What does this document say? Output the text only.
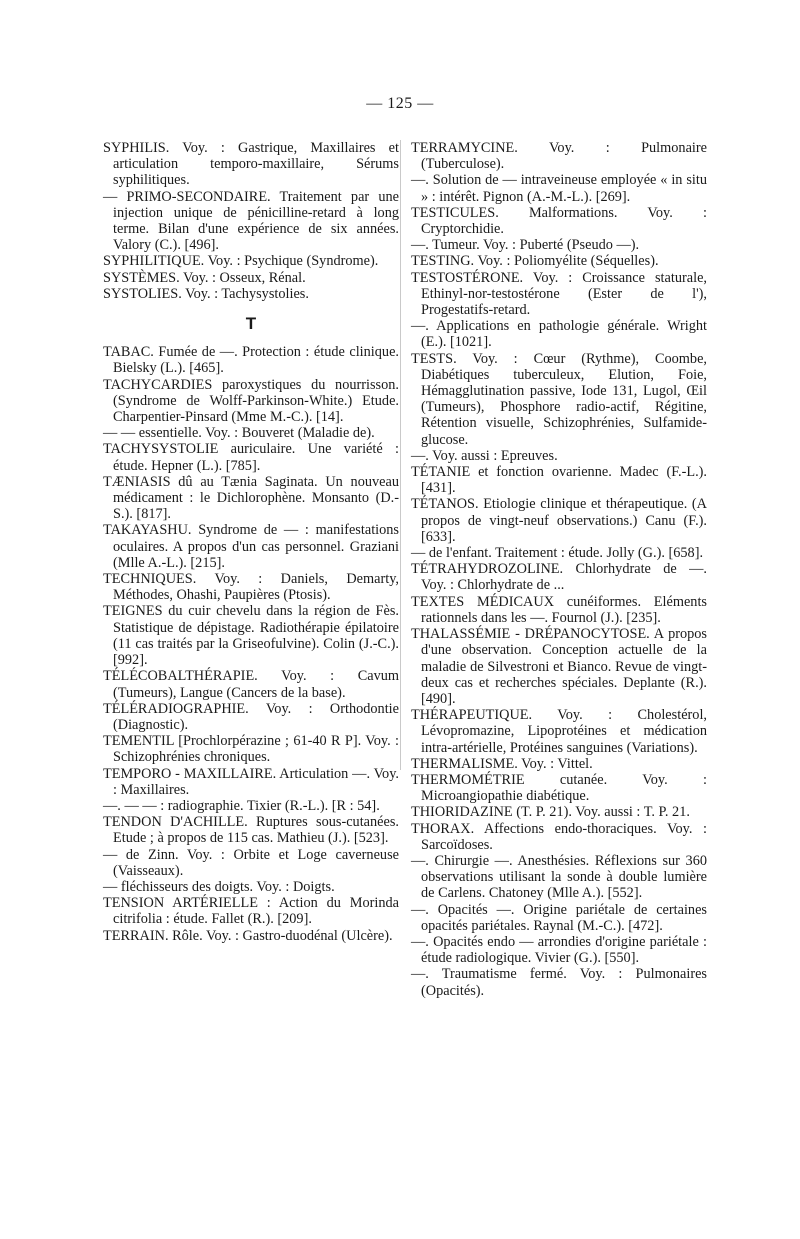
— 125 —

SYPHILIS. Voy. : Gastrique, Maxillaires et articulation temporo-maxillaire, Sérums syphilitiques.

— PRIMO-SECONDAIRE. Traitement par une injection unique de pénicilline-retard à long terme. Bilan d'une expérience de six années. Valory (C.). [496].

SYPHILITIQUE. Voy. : Psychique (Syndrome).

SYSTÈMES. Voy. : Osseux, Rénal.

SYSTOLIES. Voy. : Tachysystolies.

T

TABAC. Fumée de —. Protection : étude clinique. Bielsky (L.). [465].

TACHYCARDIES paroxystiques du nourrisson. (Syndrome de Wolff-Parkinson-White.) Etude. Charpentier-Pinsard (Mme M.-C.). [14].

— — essentielle. Voy. : Bouveret (Maladie de).

TACHYSYSTOLIE auriculaire. Une variété : étude. Hepner (L.). [785].

TÆNIASIS dû au Tænia Saginata. Un nouveau médicament : le Dichlorophène. Monsanto (D.-S.). [817].

TAKAYASHU. Syndrome de — : manifestations oculaires. A propos d'un cas personnel. Graziani (Mlle A.-L.). [215].

TECHNIQUES. Voy. : Daniels, Demarty, Méthodes, Ohashi, Paupières (Ptosis).

TEIGNES du cuir chevelu dans la région de Fès. Statistique de dépistage. Radiothérapie épilatoire (11 cas traités par la Griseofulvine). Colin (J.-C.). [992].

TÉLÉCOBALTHÉRAPIE. Voy. : Cavum (Tumeurs), Langue (Cancers de la base).

TÉLÉRADIOGRAPHIE. Voy. : Orthodontie (Diagnostic).

TEMENTIL [Prochlorpérazine ; 61-40 R P]. Voy. : Schizophrénies chroniques.

TEMPORO - MAXILLAIRE. Articulation —. Voy. : Maxillaires.

—. — — : radiographie. Tixier (R.-L.). [R : 54].

TENDON D'ACHILLE. Ruptures sous-cutanées. Etude ; à propos de 115 cas. Mathieu (J.). [523].

— de Zinn. Voy. : Orbite et Loge caverneuse (Vaisseaux).

— fléchisseurs des doigts. Voy. : Doigts.

TENSION ARTÉRIELLE : Action du Morinda citrifolia : étude. Fallet (R.). [209].

TERRAIN. Rôle. Voy. : Gastro-duodénal (Ulcère).

TERRAMYCINE. Voy. : Pulmonaire (Tuberculose).

—. Solution de — intraveineuse employée « in situ » : intérêt. Pignon (A.-M.-L.). [269].

TESTICULES. Malformations. Voy. : Cryptorchidie.

—. Tumeur. Voy. : Puberté (Pseudo —).

TESTING. Voy. : Poliomyélite (Séquelles).

TESTOSTÉRONE. Voy. : Croissance staturale, Ethinyl-nor-testostérone (Ester de l'), Progestatifs-retard.

—. Applications en pathologie générale. Wright (E.). [1021].

TESTS. Voy. : Cœur (Rythme), Coombe, Diabétiques tuberculeux, Elution, Foie, Hémagglutination passive, Iode 131, Lugol, Œil (Tumeurs), Phosphore radio-actif, Régitine, Rétention visuelle, Schizophrénies, Sulfamide-glucose.

—. Voy. aussi : Epreuves.

TÉTANIE et fonction ovarienne. Madec (F.-L.). [431].

TÉTANOS. Etiologie clinique et thérapeutique. (A propos de vingt-neuf observations.) Canu (F.). [633].

— de l'enfant. Traitement : étude. Jolly (G.). [658].

TÉTRAHYDROZOLINE. Chlorhydrate de —. Voy. : Chlorhydrate de ...

TEXTES MÉDICAUX cunéiformes. Eléments rationnels dans les —. Fournol (J.). [235].

THALASSÉMIE - DRÉPANOCYTOSE. A propos d'une observation. Conception actuelle de la maladie de Silvestroni et Bianco. Revue de vingt-deux cas et recherches spéciales. Deplante (R.). [490].

THÉRAPEUTIQUE. Voy. : Cholestérol, Lévopromazine, Lipoprotéines et médication intra-artérielle, Protéines sanguines (Variations).

THERMALISME. Voy. : Vittel.

THERMOMÉTRIE cutanée. Voy. : Microangiopathie diabétique.

THIORIDAZINE (T. P. 21). Voy. aussi : T. P. 21.

THORAX. Affections endo-thoraciques. Voy. : Sarcoïdoses.

—. Chirurgie —. Anesthésies. Réflexions sur 360 observations utilisant la sonde à double lumière de Carlens. Chatoney (Mlle A.). [552].

—. Opacités —. Origine pariétale de certaines opacités pariétales. Raynal (M.-C.). [472].

—. Opacités endo — arrondies d'origine pariétale : étude radiologique. Vivier (G.). [550].

—. Traumatisme fermé. Voy. : Pulmonaires (Opacités).
